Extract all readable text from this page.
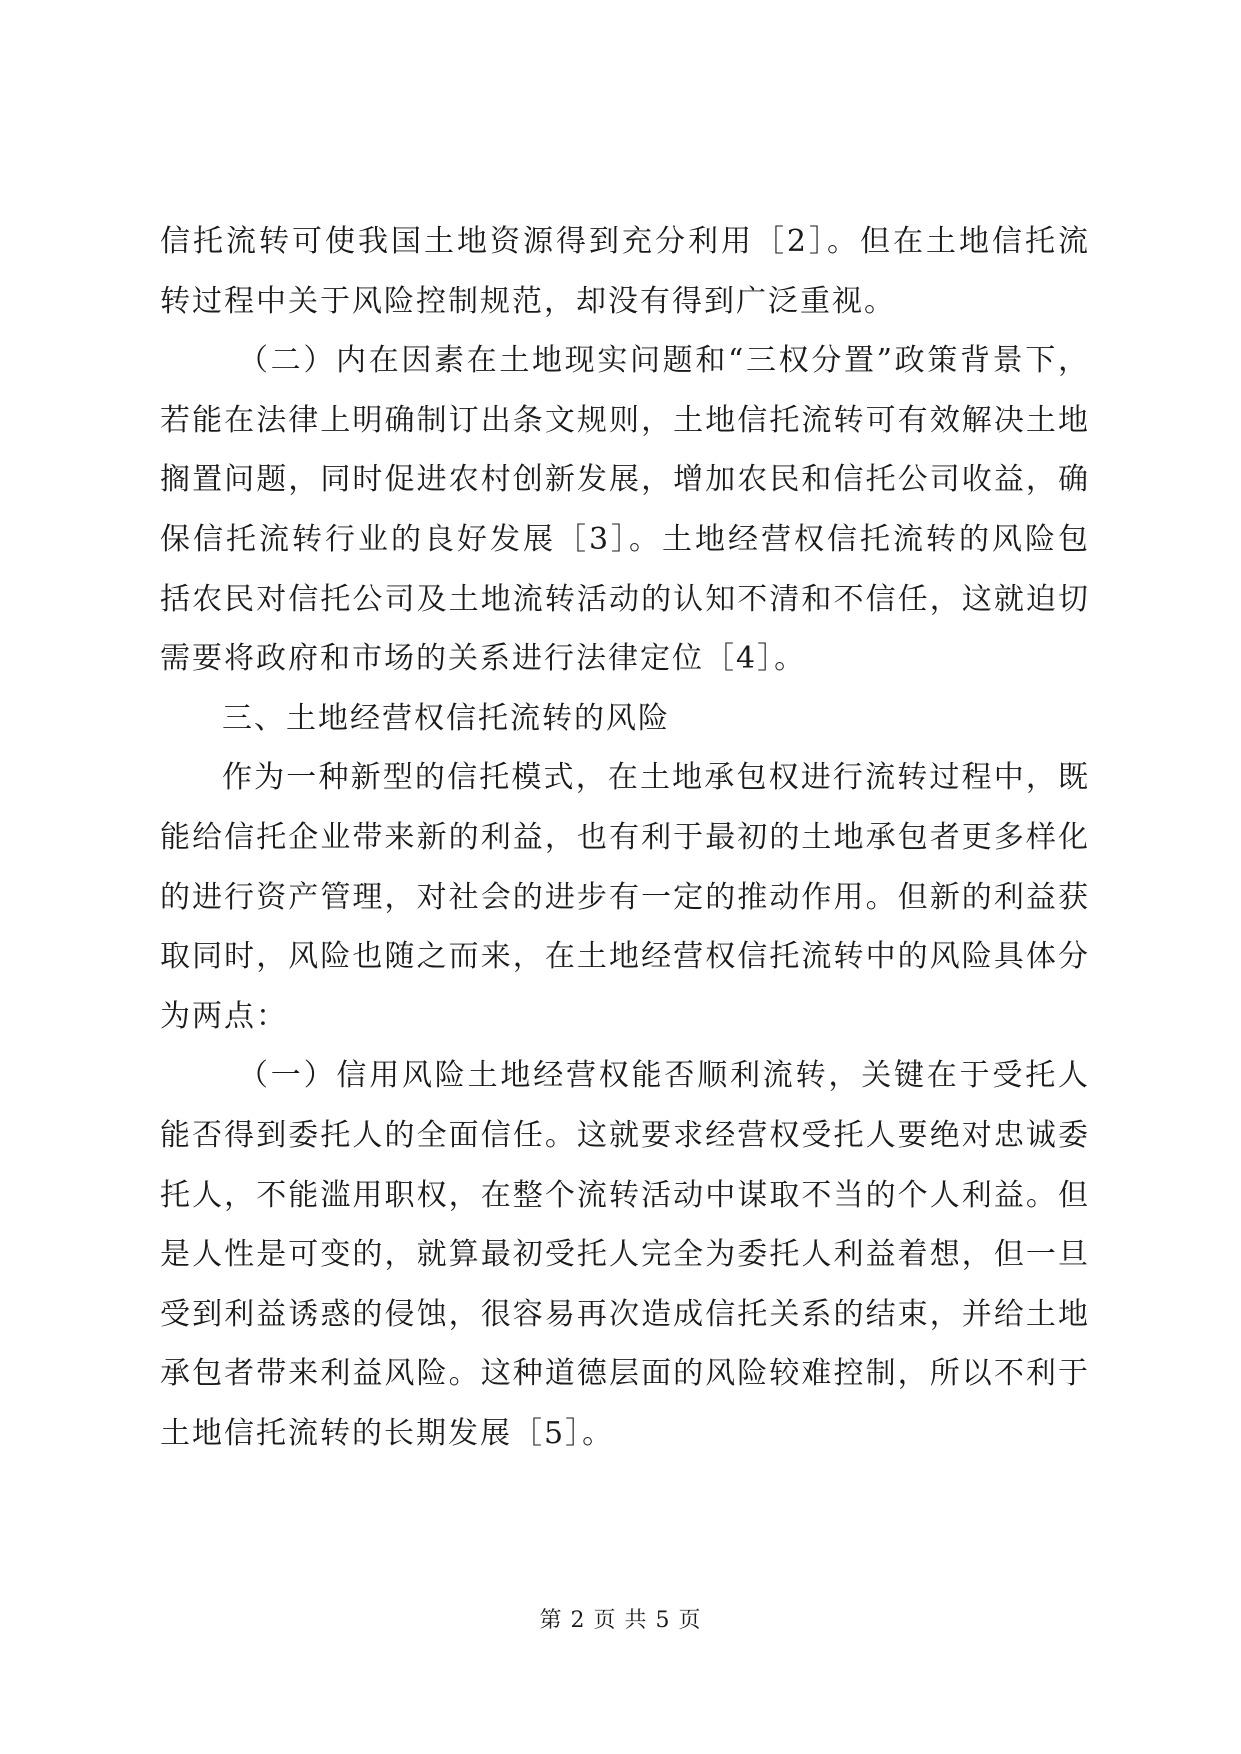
信托流转可使我国土地资源得到充分利用［2］。但在土地信托流转过程中关于风险控制规范，却没有得到广泛重视。

（二）内在因素在土地现实问题和“三权分置”政策背景下，若能在法律上明确制订出条文规则，土地信托流转可有效解决土地搁置问题，同时促进农村创新发展，增加农民和信托公司收益，确保信托流转行业的良好发展［3］。土地经营权信托流转的风险包括农民对信托公司及土地流转活动的认知不清和不信任，这就迫切需要将政府和市场的关系进行法律定位［4］。

三、土地经营权信托流转的风险

作为一种新型的信托模式，在土地承包权进行流转过程中，既能给信托企业带来新的利益，也有利于最初的土地承包者更多样化的进行资产管理，对社会的进步有一定的推动作用。但新的利益获取同时，风险也随之而来，在土地经营权信托流转中的风险具体分为两点：

（一）信用风险土地经营权能否顺利流转，关键在于受托人能否得到委托人的全面信任。这就要求经营权受托人要绝对忠诚委托人，不能滥用职权，在整个流转活动中谋取不当的个人利益。但是人性是可变的，就算最初受托人完全为委托人利益着想，但一旦受到利益诱惑的侵蚀，很容易再次造成信托关系的结束，并给土地承包者带来利益风险。这种道德层面的风险较难控制，所以不利于土地信托流转的长期发展［5］。

第 2 页 共 5 页
